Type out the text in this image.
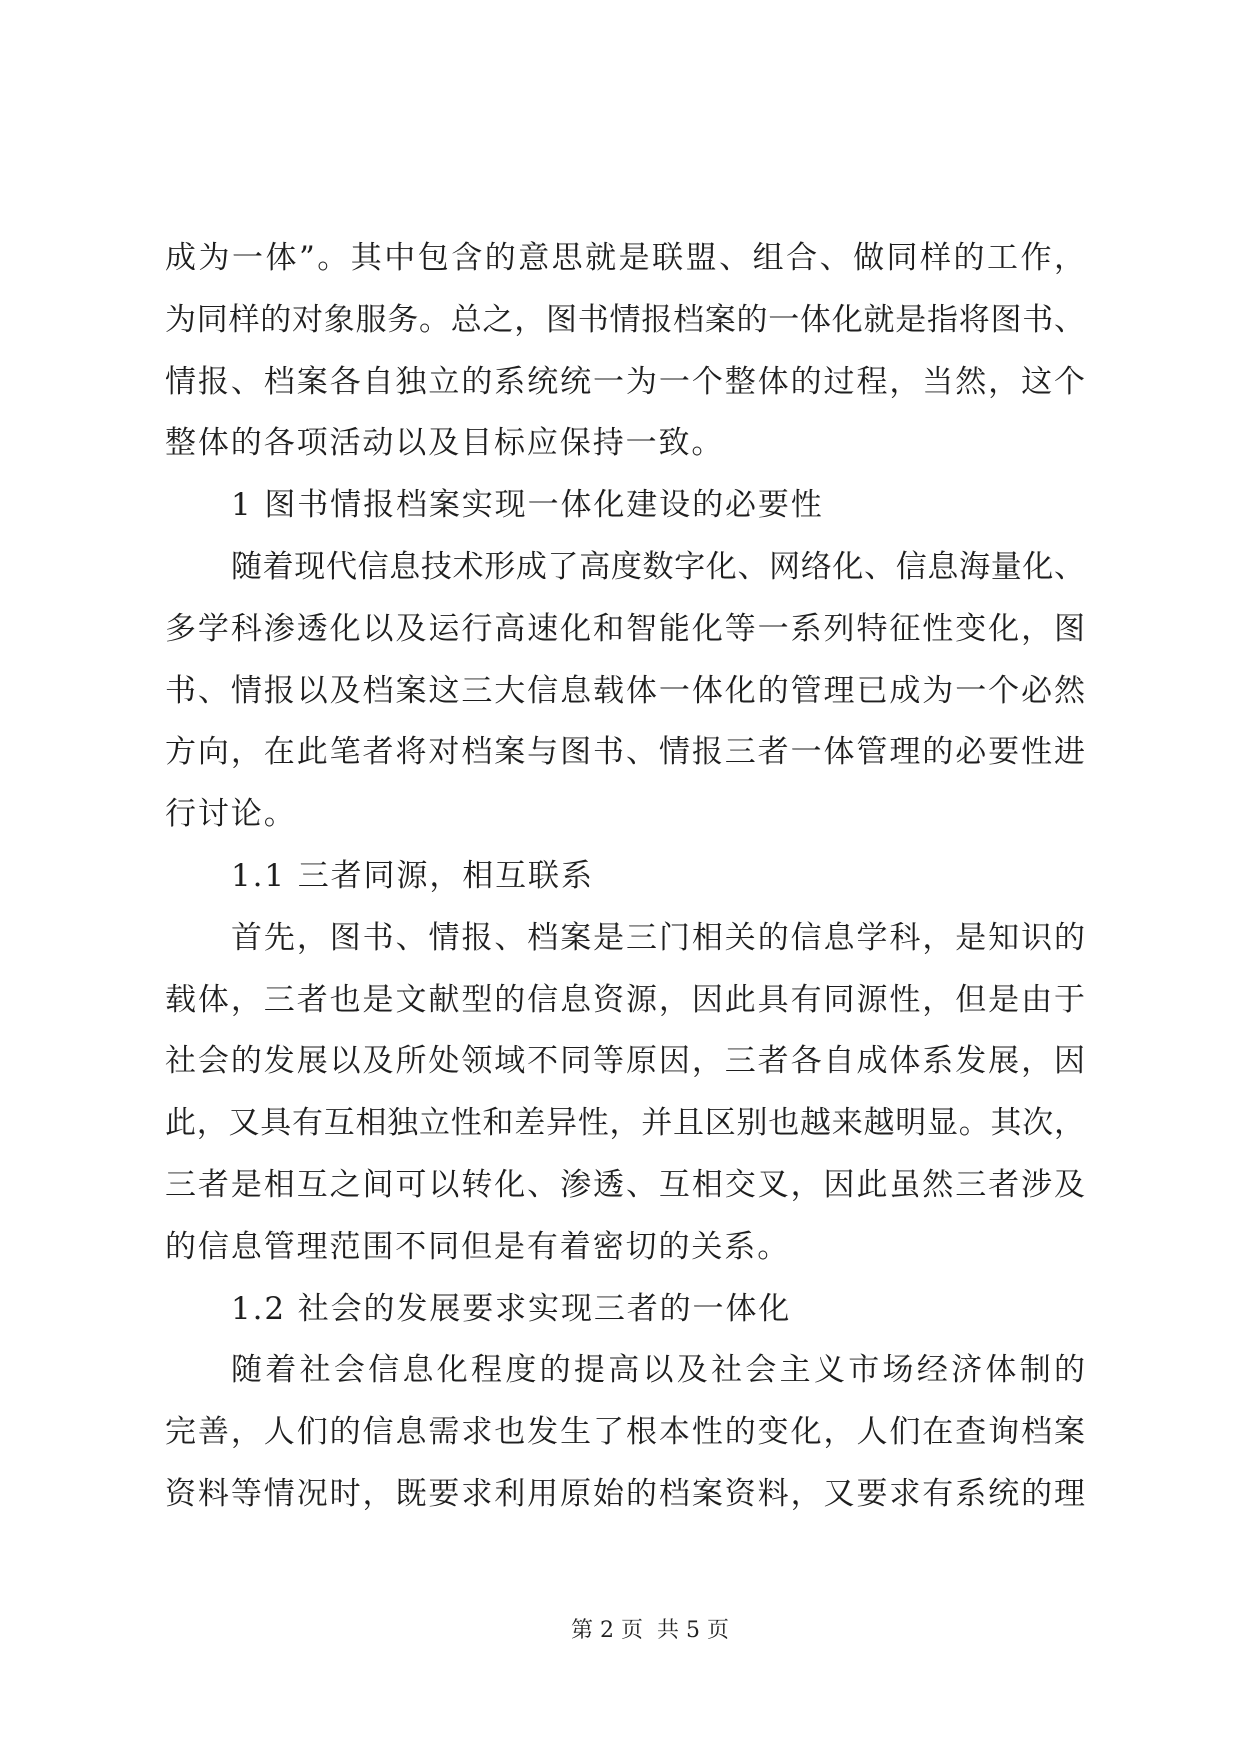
成为一体”。其中包含的意思就是联盟、组合、做同样的工作，
为同样的对象服务。总之，图书情报档案的一体化就是指将图书、
情报、档案各自独立的系统统一为一个整体的过程，当然，这个
整体的各项活动以及目标应保持一致。
1 图书情报档案实现一体化建设的必要性
随着现代信息技术形成了高度数字化、网络化、信息海量化、
多学科渗透化以及运行高速化和智能化等一系列特征性变化，图
书、情报以及档案这三大信息载体一体化的管理已成为一个必然
方向，在此笔者将对档案与图书、情报三者一体管理的必要性进
行讨论。
1.1 三者同源，相互联系
首先，图书、情报、档案是三门相关的信息学科，是知识的
载体，三者也是文献型的信息资源，因此具有同源性，但是由于
社会的发展以及所处领域不同等原因，三者各自成体系发展，因
此，又具有互相独立性和差异性，并且区别也越来越明显。其次，
三者是相互之间可以转化、渗透、互相交叉，因此虽然三者涉及
的信息管理范围不同但是有着密切的关系。
1.2 社会的发展要求实现三者的一体化
随着社会信息化程度的提高以及社会主义市场经济体制的
完善，人们的信息需求也发生了根本性的变化，人们在查询档案
资料等情况时，既要求利用原始的档案资料，又要求有系统的理
第 2 页  共 5 页
